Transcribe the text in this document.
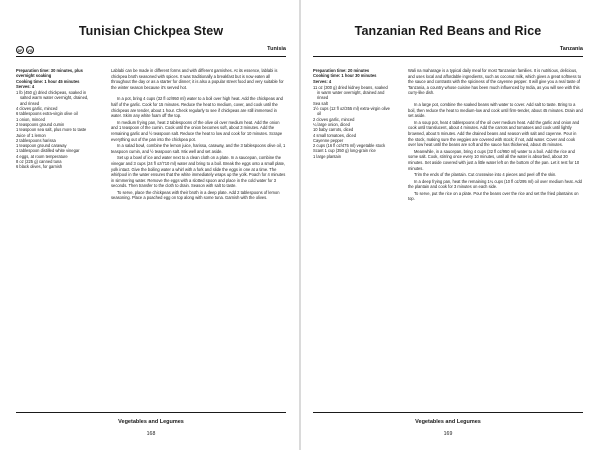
Tunisian Chickpea Stew
DF	VG	Tunisia
Preparation time: 30 minutes, plus overnight soaking
Cooking time: 1 hour 45 minutes
Serves: 4
1 lb (450 g) dried chickpeas, soaked in salted warm water overnight, drained, and rinsed
4 cloves garlic, minced
6 tablespoons extra-virgin olive oil
1 onion, minced
2 teaspoons ground cumin
1 teaspoon sea salt, plus more to taste
Juice of 1 lemon
2 tablespoons harissa
1 teaspoon ground caraway
1 tablespoon distilled white vinegar
4 eggs, at room temperature
8 oz (225 g) canned tuna
6 black olives, for garnish

Lablabi can be made in different forms and with different garnishes. At its essence, lablabi is chickpea broth seasoned with spices. It was traditionally a breakfast but is now eaten all throughout the day or as a starter for dinner; it is also a popular street food and very suitable for the winter season because it's served hot.

In a pot, bring 4 cups (32 fl oz/950 ml) water to a boil over high heat. Add the chickpeas and half of the garlic. Cook for 15 minutes. Reduce the heat to medium, cover, and cook until the chickpeas are tender, about 1 hour. Check regularly to see if chickpeas are still immersed in water. Skim any white foam off the top.

In medium frying pan, heat 2 tablespoons of the olive oil over medium heat. Add the onion and 1 teaspoon of the cumin. Cook until the onion becomes soft, about 3 minutes. Add the remaining garlic and ½ teaspoon salt. Reduce the heat to low and cook for 10 minutes. Scrape everything out of the pan into the chickpea pot.

In a salad bowl, combine the lemon juice, harissa, caraway, and the 3 tablespoons olive oil, 1 teaspoon cumin, and ½ teaspoon salt. Mix well and set aside.

Set up a bowl of ice and water next to a clean cloth on a plate. In a saucepan, combine the vinegar and 3 cups (24 fl oz/710 ml) water and bring to a boil. Break the eggs onto a small plate, yolk intact. Give the boiling water a whirl with a fork and slide the eggs in one at a time. The whirlpool in the water ensures that the white immediately wraps up the yolk. Poach for 4 minutes in simmering water. Remove the eggs with a slotted spoon and place in the cold water for 3 seconds. Then transfer to the cloth to drain. Season with salt to taste.

To serve, place the chickpeas with their broth in a deep plate. Add 2 tablespoons of lemon seasoning. Place a poached egg on top along with some tuna. Garnish with the olives.

Vegetables and Legumes
168
Tanzanian Red Beans and Rice
Tanzania
Preparation time: 20 minutes
Cooking time: 1 hour 30 minutes
Serves: 4
11 oz (300 g) dried kidney beans, soaked in warm water overnight, drained and rinsed
Sea salt
1½ cups (12 fl oz/355 ml) extra-virgin olive oil
2 cloves garlic, minced
¼ large onion, diced
10 baby carrots, diced
4 small tomatoes, diced
Cayenne pepper
2 cups (16 fl oz/475 ml) vegetable stock
Scant 1 cup (350 g) long-grain rice
1 large plantain

Wali na maharage is a typical daily meal for most Tanzanian families. It is nutritious, delicious, and uses local and affordable ingredients, such as coconut milk, which gives a great softness to the sauce and contrasts with the spiciness of the cayenne pepper. It will give you a real taste of Tanzania, a country whose cuisine has been much influenced by India, as you will see with this curry-like dish.

In a large pot, combine the soaked beans with water to cover. Add salt to taste. Bring to a boil, then reduce the heat to medium-low and cook until firm-tender, about 45 minutes. Drain and set aside.

In a soup pot, heat 4 tablespoons of the oil over medium heat. Add the garlic and onion and cook until translucent, about 4 minutes. Add the carrots and tomatoes and cook until lightly browned, about 5 minutes. Add the drained beans and season with salt and cayenne. Pour in the stock, making sure the veggies are covered with stock; if not, add water. Cover and cook over low heat until the beans are soft and the sauce has thickened, about 45 minutes.

Meanwhile, in a saucepan, bring 4 cups (32 fl oz/950 ml) water to a boil. Add the rice and some salt. Cook, stirring once every 10 minutes, until all the water is absorbed, about 30 minutes. Set aside covered with just a little water left on the bottom of the pan. Let it rest for 10 minutes.

Trim the ends of the plantain. Cut crosswise into 4 pieces and peel off the skin.

In a deep frying pan, heat the remaining 1¼ cups (10 fl oz/295 ml) oil over medium heat. Add the plantain and cook for 3 minutes on each side.

To serve, put the rice on a plate. Pour the beans over the rice and set the fried plantains on top.

Vegetables and Legumes
169
